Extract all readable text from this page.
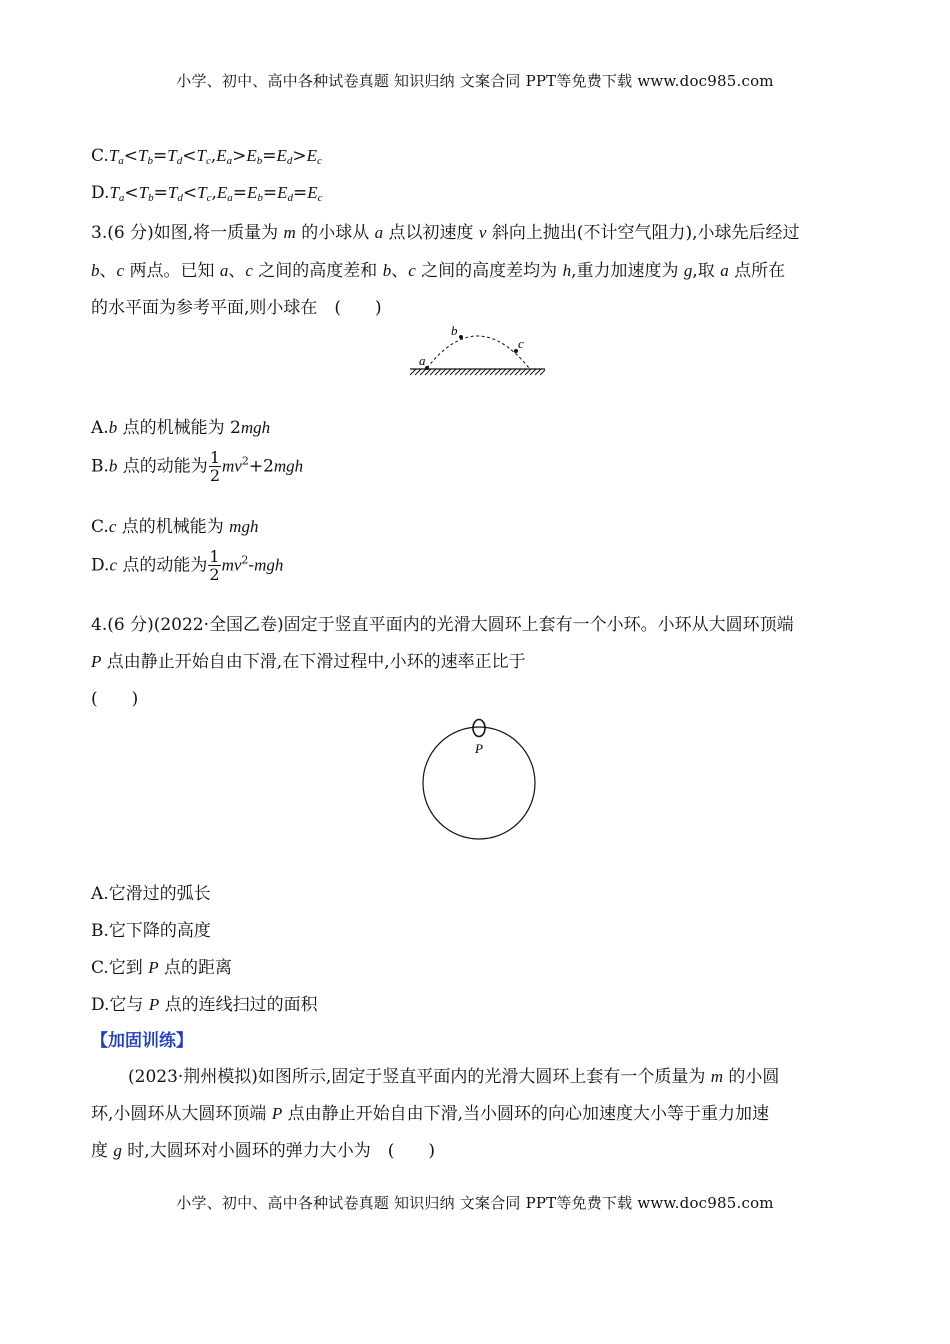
小学、初中、高中各种试卷真题 知识归纳 文案合同 PPT等免费下载 www.doc985.com
$C.T_a<T_b=T_d<T_c,E_a>E_b=E_d>E_c$
$D.T_a<T_b=T_d<T_c,E_a=E_b=E_d=E_c$
3.(6 分)如图,将一质量为 m 的小球从 a 点以初速度 v 斜向上抛出(不计空气阻力),小球先后经过
b、c 两点。已知 a、c 之间的高度差和 b、c 之间的高度差均为 h,重力加速度为 g,取 a 点所在
的水平面为参考平面,则小球在　(　　)
a
b
c
A.b 点的机械能为 2mgh
B.b 点的动能为 $\frac{1}{2} mv^2+2mgh$
C.c 点的机械能为 mgh
D.c 点的动能为 $\frac{1}{2} mv^2-mgh$
4.(6 分)(2022·全国乙卷)固定于竖直平面内的光滑大圆环上套有一个小环。小环从大圆环顶端
P 点由静止开始自由下滑,在下滑过程中,小环的速率正比于
(　　)
P
A.它滑过的弧长
B.它下降的高度
C.它到 P 点的距离
D.它与 P 点的连线扫过的面积
【加固训练】
(2023·荆州模拟)如图所示,固定于竖直平面内的光滑大圆环上套有一个质量为 m 的小圆
环,小圆环从大圆环顶端 P 点由静止开始自由下滑,当小圆环的向心加速度大小等于重力加速
度 g 时,大圆环对小圆环的弹力大小为　(　　)
小学、初中、高中各种试卷真题 知识归纳 文案合同 PPT等免费下载 www.doc985.com
